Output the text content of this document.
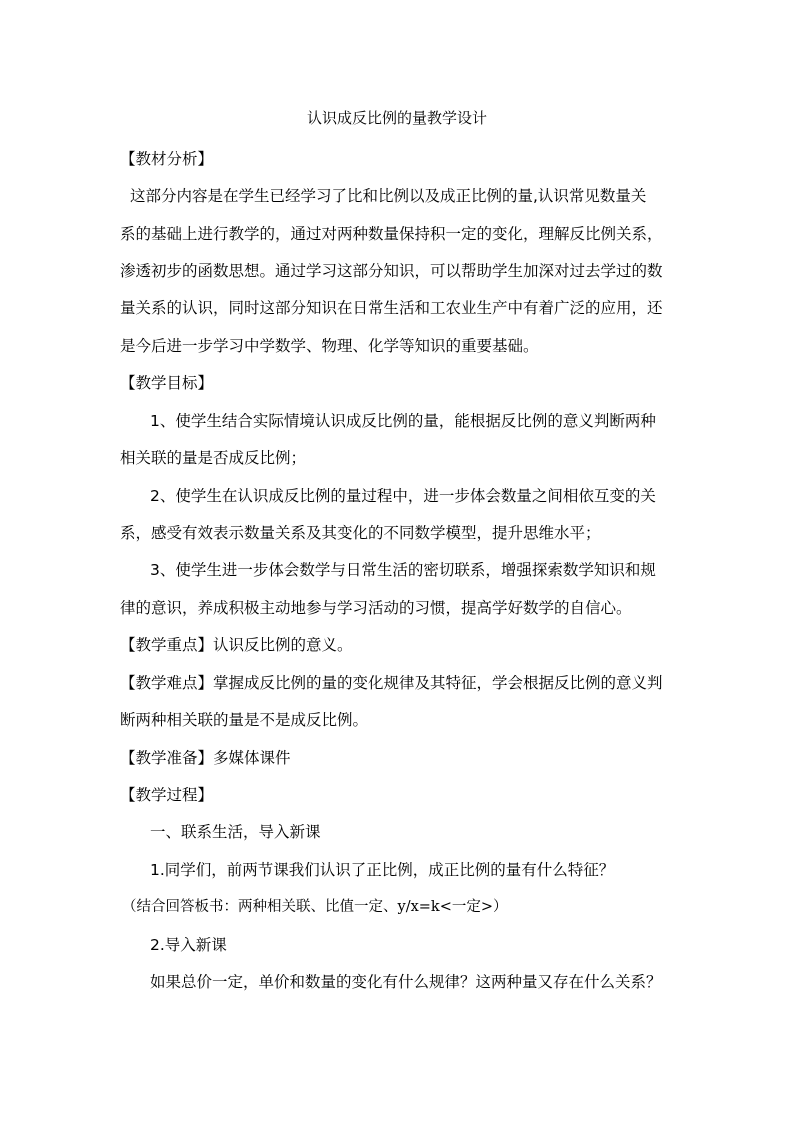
认识成反比例的量教学设计
【教材分析】
这部分内容是在学生已经学习了比和比例以及成正比例的量,认识常见数量关
系的基础上进行教学的，通过对两种数量保持积一定的变化，理解反比例关系，
渗透初步的函数思想。通过学习这部分知识，可以帮助学生加深对过去学过的数
量关系的认识，同时这部分知识在日常生活和工农业生产中有着广泛的应用，还
是今后进一步学习中学数学、物理、化学等知识的重要基础。
【教学目标】
1、使学生结合实际情境认识成反比例的量，能根据反比例的意义判断两种
相关联的量是否成反比例；
2、使学生在认识成反比例的量过程中，进一步体会数量之间相依互变的关
系，感受有效表示数量关系及其变化的不同数学模型，提升思维水平；
3、使学生进一步体会数学与日常生活的密切联系，增强探索数学知识和规
律的意识，养成积极主动地参与学习活动的习惯，提高学好数学的自信心。
【教学重点】认识反比例的意义。
【教学难点】掌握成反比例的量的变化规律及其特征，学会根据反比例的意义判
断两种相关联的量是不是成反比例。
【教学准备】多媒体课件
【教学过程】
一、联系生活，导入新课
1.同学们，前两节课我们认识了正比例，成正比例的量有什么特征？
（结合回答板书：两种相关联、比值一定、y/x=k<一定>）
2.导入新课
如果总价一定，单价和数量的变化有什么规律？这两种量又存在什么关系？
